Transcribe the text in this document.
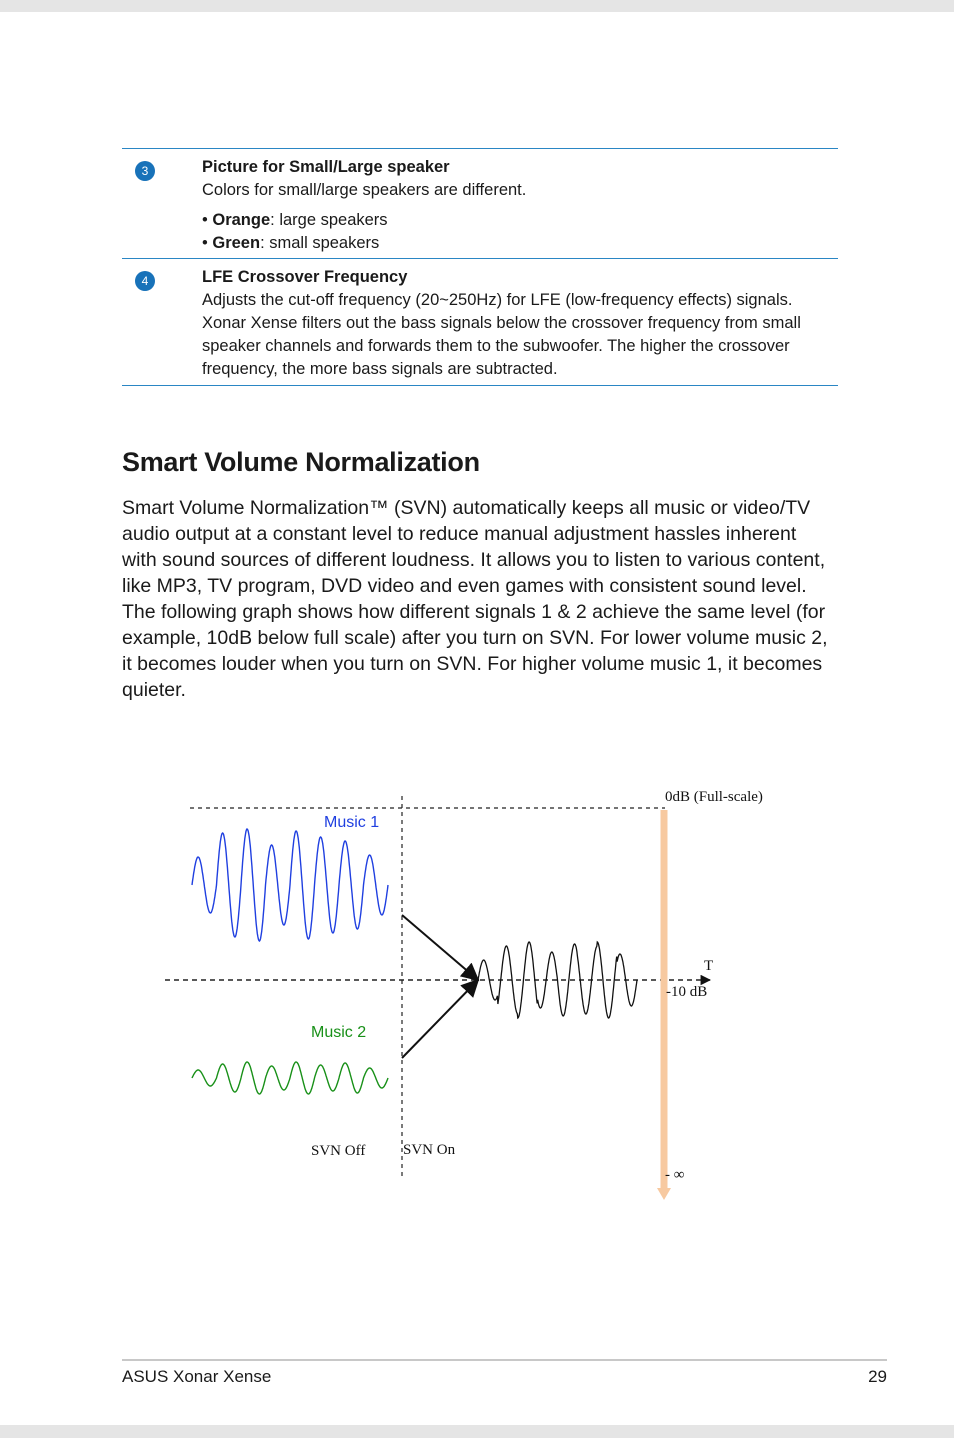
3	Picture for Small/Large speaker
Colors for small/large speakers are different.
• Orange: large speakers
• Green: small speakers
4	LFE Crossover Frequency
Adjusts the cut-off frequency (20~250Hz) for LFE (low-frequency effects) signals. Xonar Xense filters out the bass signals below the crossover frequency from small speaker channels and forwards them to the subwoofer. The higher the crossover frequency, the more bass signals are subtracted.
Smart Volume Normalization

Smart Volume Normalization™ (SVN) automatically keeps all music or video/TV audio output at a constant level to reduce manual adjustment hassles inherent with sound sources of different loudness. It allows you to listen to various content, like MP3, TV program, DVD video and even games with consistent sound level. The following graph shows how different signals 1 & 2 achieve the same level (for example, 10dB below full scale) after you turn on SVN. For lower volume music 2, it becomes louder when you turn on SVN. For higher volume music 1, it becomes quieter.

0dB (Full-scale)
Music 1
Music 2
T
-10 dB
SVN Off	SVN On
- ∞
ASUS Xonar Xense	29
